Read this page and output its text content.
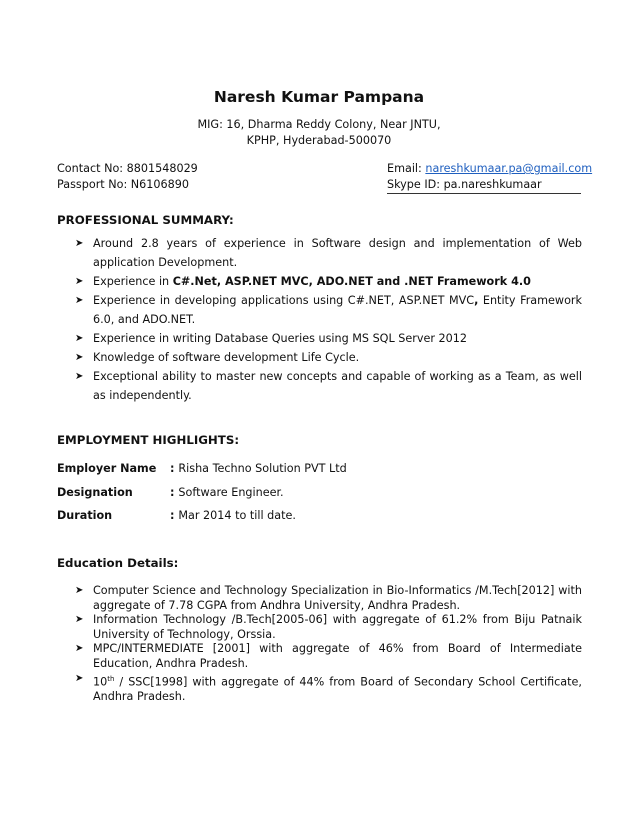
Naresh Kumar Pampana
MIG: 16, Dharma Reddy Colony, Near JNTU,
KPHP, Hyderabad-500070
Contact No: 8801548029	Email: nareshkumaar.pa@gmail.com
Passport No: N6106890	Skype ID: pa.nareshkumaar
PROFESSIONAL SUMMARY:
➤ Around 2.8 years of experience in Software design and implementation of Web application Development.
➤ Experience in C#.Net, ASP.NET MVC, ADO.NET and .NET Framework 4.0
➤ Experience in developing applications using C#.NET, ASP.NET MVC, Entity Framework 6.0, and ADO.NET.
➤ Experience in writing Database Queries using MS SQL Server 2012
➤ Knowledge of software development Life Cycle.
➤ Exceptional ability to master new concepts and capable of working as a Team, as well as independently.
EMPLOYMENT HIGHLIGHTS:
Employer Name : Risha Techno Solution PVT Ltd
Designation	: Software Engineer.
Duration	: Mar 2014 to till date.
Education Details:
➤ Computer Science and Technology Specialization in Bio-Informatics /M.Tech[2012] with aggregate of 7.78 CGPA from Andhra University, Andhra Pradesh.
➤ Information Technology /B.Tech[2005-06] with aggregate of 61.2% from Biju Patnaik University of Technology, Orssia.
➤ MPC/INTERMEDIATE [2001] with aggregate of 46% from Board of Intermediate Education, Andhra Pradesh.
➤ 10th / SSC[1998] with aggregate of 44% from Board of Secondary School Certificate, Andhra Pradesh.
